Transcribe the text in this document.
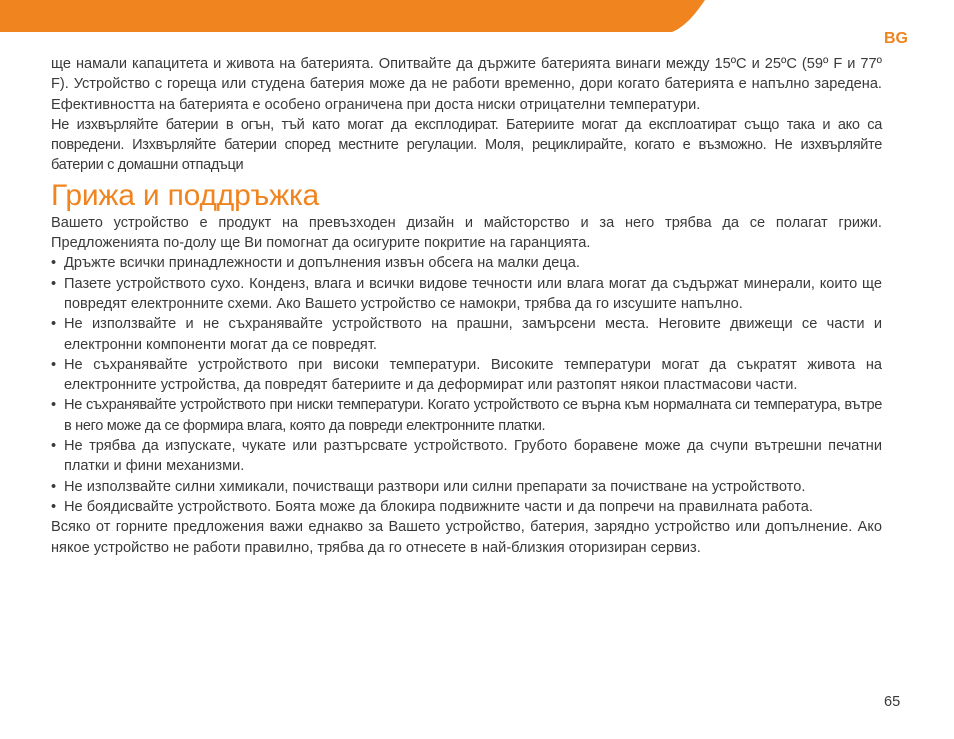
BG

ще намали капацитета и живота на батерията. Опитвайте да държите батерията винаги между 15ºC и 25ºC (59º F и 77º F). Устройство с гореща или студена батерия може да не работи временно, дори когато батерията е напълно заредена. Ефективността на батерията е особено ограничена при доста ниски отрицателни температури.

Не изхвърляйте батерии в огън, тъй като могат да експлодират. Батериите могат да експлоатират също така и ако са повредени. Изхвърляйте батерии според местните регулации. Моля, рециклирайте, когато е възможно. Не изхвърляйте батерии с домашни отпадъци

Грижа и поддръжка

Вашето устройство е продукт на превъзходен дизайн и майсторство и за него трябва да се полагат грижи. Предложенията по-долу ще Ви помогнат да осигурите покритие на гаранцията.

• Дръжте всички принадлежности и допълнения извън обсега на малки деца.
• Пазете устройството сухо. Конденз, влага и всички видове течности или влага могат да съдържат минерали, които ще повредят електронните схеми. Ако Вашето устройство се намокри, трябва да го изсушите напълно.
• Не използвайте и не съхранявайте устройството на прашни, замърсени места. Неговите движещи се части и електронни компоненти могат да се повредят.
• Не съхранявайте устройството при високи температури. Високите температури могат да съкратят живота на електронните устройства, да повредят батериите и да деформират или разтопят някои пластмасови части.
• Не съхранявайте устройството при ниски температури. Когато устройството се върна към нормалната си температура, вътре в него може да се формира влага, която да повреди електронните платки.
• Не трябва да изпускате, чукате или разтърсвате устройството. Грубото боравене може да счупи вътрешни печатни платки и фини механизми.
• Не използвайте силни химикали, почистващи разтвори или силни препарати за почистване на устройството.
• Не боядисвайте устройството. Боята може да блокира подвижните части и да попречи на правилната работа.

Всяко от горните предложения важи еднакво за Вашето устройство, батерия, зарядно устройство или допълнение. Ако някое устройство не работи правилно, трябва да го отнесете в най-близкия оторизиран сервиз.

65
